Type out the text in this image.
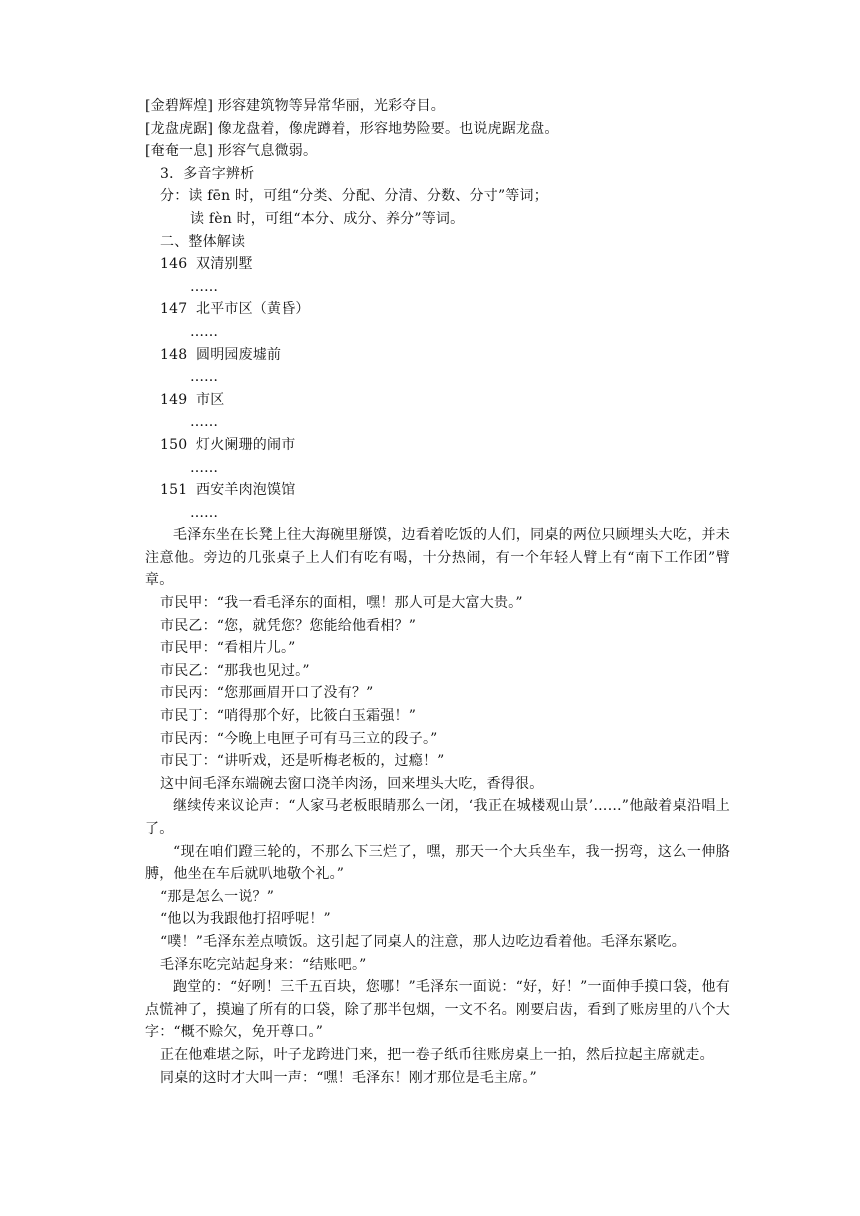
[金碧辉煌] 形容建筑物等异常华丽，光彩夺目。
[龙盘虎踞] 像龙盘着，像虎蹲着，形容地势险要。也说虎踞龙盘。
[奄奄一息] 形容气息微弱。
3．多音字辨析
分：读 fēn 时，可组“分类、分配、分清、分数、分寸”等词；
读 fèn 时，可组“本分、成分、养分”等词。
二、整体解读
146 双清别墅
……
147 北平市区（黄昏）
……
148 圆明园废墟前
……
149 市区
……
150 灯火阑珊的闹市
……
151 西安羊肉泡馍馆
……
毛泽东坐在长凳上往大海碗里掰馍，边看着吃饭的人们，同桌的两位只顾埋头大吃，并未注意他。旁边的几张桌子上人们有吃有喝，十分热闹，有一个年轻人臂上有“南下工作团”臂章。
市民甲：“我一看毛泽东的面相，嘿！那人可是大富大贵。”
市民乙：“您，就凭您？您能给他看相？”
市民甲：“看相片儿。”
市民乙：“那我也见过。”
市民丙：“您那画眉开口了没有？”
市民丁：“哨得那个好，比筱白玉霜强！”
市民丙：“今晚上电匣子可有马三立的段子。”
市民丁：“讲听戏，还是听梅老板的，过瘾！”
这中间毛泽东端碗去窗口浇羊肉汤，回来埋头大吃，香得很。
继续传来议论声：“人家马老板眼睛那么一闭，‘我正在城楼观山景’……”他敲着桌沿唱上了。
“现在咱们蹬三轮的，不那么下三烂了，嘿，那天一个大兵坐车，我一拐弯，这么一伸胳膊，他坐在车后就叭地敬个礼。”
“那是怎么一说？”
“他以为我跟他打招呼呢！”
“噗！”毛泽东差点喷饭。这引起了同桌人的注意，那人边吃边看着他。毛泽东紧吃。
毛泽东吃完站起身来：“结账吧。”
跑堂的：“好咧！三千五百块，您哪！”毛泽东一面说：“好，好！”一面伸手摸口袋，他有点慌神了，摸遍了所有的口袋，除了那半包烟，一文不名。刚要启齿，看到了账房里的八个大字：“概不赊欠，免开尊口。”
正在他难堪之际，叶子龙跨进门来，把一卷子纸币往账房桌上一拍，然后拉起主席就走。
同桌的这时才大叫一声：“嘿！毛泽东！刚才那位是毛主席。”
